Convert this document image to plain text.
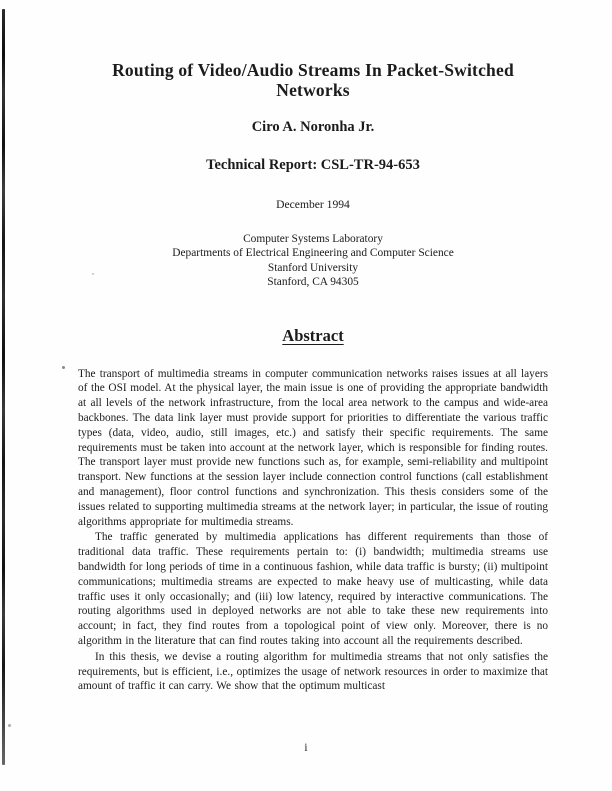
Routing of Video/Audio Streams In Packet-Switched Networks
Ciro A. Noronha Jr.
Technical Report: CSL-TR-94-653
December 1994
Computer Systems Laboratory
Departments of Electrical Engineering and Computer Science
Stanford University
Stanford, CA 94305
Abstract

The transport of multimedia streams in computer communication networks raises issues at all layers of the OSI model. At the physical layer, the main issue is one of providing the appropriate bandwidth at all levels of the network infrastructure, from the local area network to the campus and wide-area backbones. The data link layer must provide support for priorities to differentiate the various traffic types (data, video, audio, still images, etc.) and satisfy their specific requirements. The same requirements must be taken into account at the network layer, which is responsible for finding routes. The transport layer must provide new functions such as, for example, semi-reliability and multipoint transport. New functions at the session layer include connection control functions (call establishment and management), floor control functions and synchronization. This thesis considers some of the issues related to supporting multimedia streams at the network layer; in particular, the issue of routing algorithms appropriate for multimedia streams.

The traffic generated by multimedia applications has different requirements than those of traditional data traffic. These requirements pertain to: (i) bandwidth; multimedia streams use bandwidth for long periods of time in a continuous fashion, while data traffic is bursty; (ii) multipoint communications; multimedia streams are expected to make heavy use of multicasting, while data traffic uses it only occasionally; and (iii) low latency, required by interactive communications. The routing algorithms used in deployed networks are not able to take these new requirements into account; in fact, they find routes from a topological point of view only. Moreover, there is no algorithm in the literature that can find routes taking into account all the requirements described.

In this thesis, we devise a routing algorithm for multimedia streams that not only satisfies the requirements, but is efficient, i.e., optimizes the usage of network resources in order to maximize that amount of traffic it can carry. We show that the optimum multicast

i
